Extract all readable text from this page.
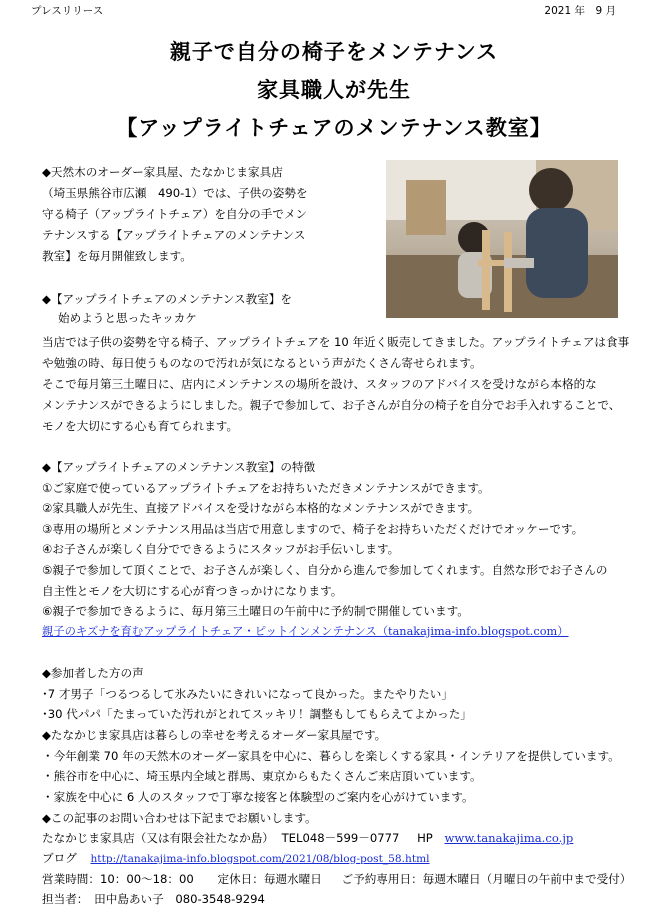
プレスリリース	2021 年　9 月
親子で自分の椅子をメンテナンス
家具職人が先生
【アップライトチェアのメンテナンス教室】
◆天然木のオーダー家具屋、たなかじま家具店
（埼玉県熊谷市広瀬　490-1）では、子供の姿勢を
守る椅子（アップライトチェア）を自分の手でメン
テナンスする【アップライトチェアのメンテナンス
教室】を毎月開催致します。
◆【アップライトチェアのメンテナンス教室】を
始めようと思ったキッカケ
当店では子供の姿勢を守る椅子、アップライトチェアを 10 年近く販売してきました。アップライトチェアは食事
や勉強の時、毎日使うものなので汚れが気になるという声がたくさん寄せられます。
そこで毎月第三土曜日に、店内にメンテナンスの場所を設け、スタッフのアドバイスを受けながら本格的な
メンテナンスができるようにしました。親子で参加して、お子さんが自分の椅子を自分でお手入れすることで、
モノを大切にする心も育てられます。
◆【アップライトチェアのメンテナンス教室】の特徴
①ご家庭で使っているアップライトチェアをお持ちいただきメンテナンスができます。
②家具職人が先生、直接アドバイスを受けながら本格的なメンテナンスができます。
③専用の場所とメンテナンス用品は当店で用意しますので、椅子をお持ちいただくだけでオッケーです。
④お子さんが楽しく自分でできるようにスタッフがお手伝いします。
⑤親子で参加して頂くことで、お子さんが楽しく、自分から進んで参加してくれます。自然な形でお子さんの
自主性とモノを大切にする心が育つきっかけになります。
⑥親子で参加できるように、毎月第三土曜日の午前中に予約制で開催しています。
親子のキズナを育むアップライトチェア・ピットインメンテナンス（tanakajima-info.blogspot.com）
◆参加者した方の声
･7 才男子「つるつるして氷みたいにきれいになって良かった。またやりたい」
･30 代パパ「たまっていた汚れがとれてスッキリ！調整もしてもらえてよかった」
◆たなかじま家具店は暮らしの幸せを考えるオーダー家具屋です。
・今年創業 70 年の天然木のオーダー家具を中心に、暮らしを楽しくする家具・インテリアを提供しています。
・熊谷市を中心に、埼玉県内全域と群馬、東京からもたくさんご来店頂いています。
・家族を中心に 6 人のスタッフで丁寧な接客と体験型のご案内を心がけています。
◆この記事のお問い合わせは下記までお願いします。
たなかじま家具店（又は有限会社たなか島） TEL048－599－0777 HP www.tanakajima.co.jp
ブログ http://tanakajima-info.blogspot.com/2021/08/blog-post_58.html
営業時間：10：00～18：00 定休日：毎週水曜日 ご予約専用日：毎週木曜日（月曜日の午前中まで受付）
担当者：　田中島あい子　080-3548-9294
